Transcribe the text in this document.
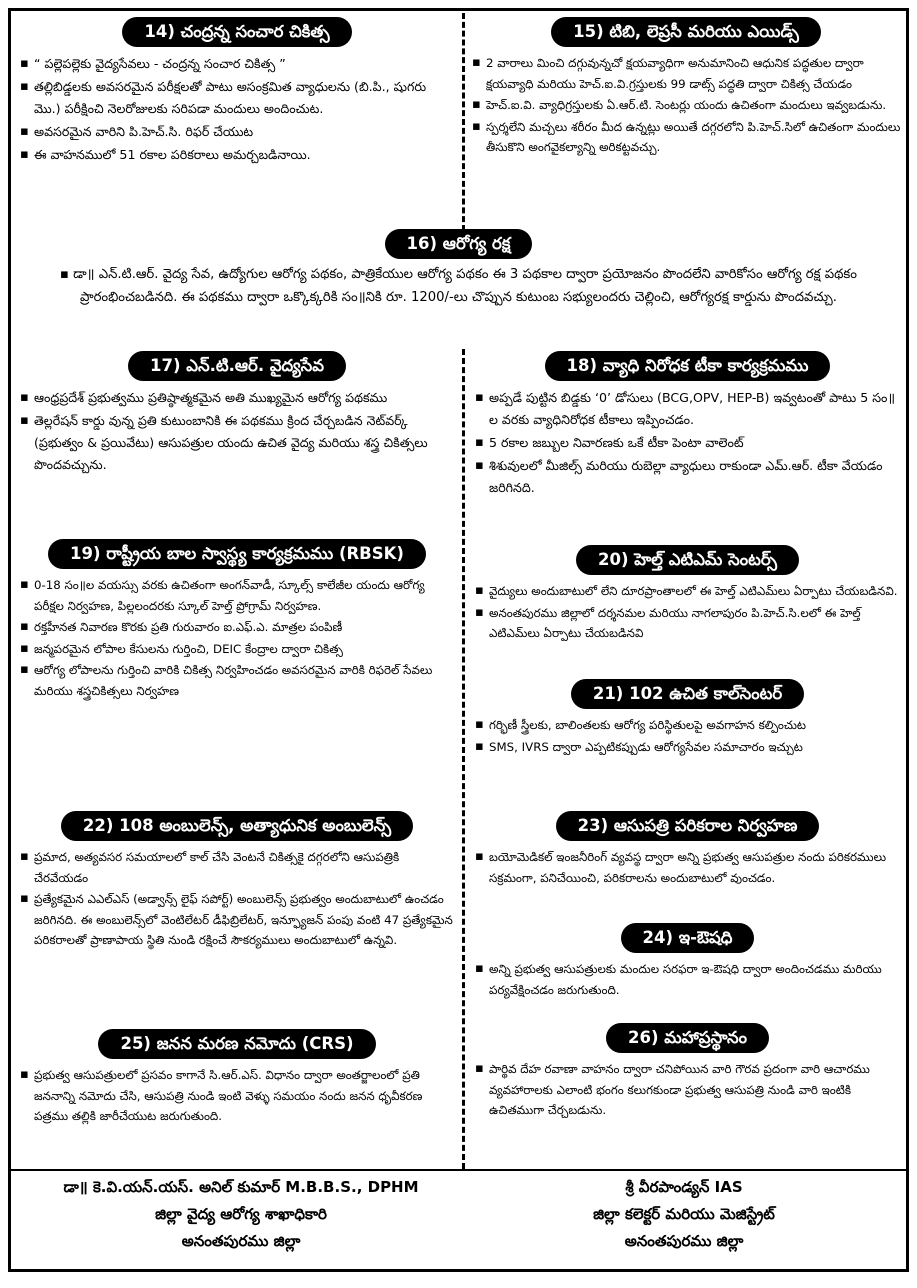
14) చంద్రన్న సంచార చికిత్స
▪ “ పల్లెపల్లెకు వైద్యసేవలు - చంద్రన్న సంచార చికిత్స ”
▪ తల్లిబిడ్డలకు అవసరమైన పరీక్షలతో పాటు అసంక్రమిత వ్యాధులను (బి.పి., షుగరు మొ.) పరీక్షించి నెలరోజులకు సరిపడా మందులు అందించుట.
▪ అవసరమైన వారిని పి.హెచ్.సి. రిఫర్ చేయుట
▪ ఈ వాహనములో 51 రకాల పరికరాలు అమర్చబడినాయి.
15) టిబి, లెప్రసీ మరియు ఎయిడ్స్
▪ 2 వారాలు మించి దగ్గువున్నచో క్షయవ్యాధిగా అనుమానించి ఆధునిక పద్ధతుల ద్వారా క్షయవ్యాధి మరియు హెచ్.ఐ.వి.గ్రస్తులకు 99 డాట్స్ పద్ధతి ద్వారా చికిత్స చేయడం
▪ హెచ్.ఐ.వి. వ్యాధిగ్రస్తులకు ఏ.ఆర్.టి. సెంటర్లు యందు ఉచితంగా మందులు ఇవ్వబడును.
▪ స్పర్శలేని మచ్చలు శరీరం మీద ఉన్నట్లు అయితే దగ్గరలోని పి.హెచ్.సిలో ఉచితంగా మందులు తీసుకొని అంగవైకల్యాన్ని అరికట్టవచ్చు.
16) ఆరోగ్య రక్ష
▪ డా॥ ఎన్.టి.ఆర్. వైద్య సేవ, ఉద్యోగుల ఆరోగ్య పథకం, పాత్రికేయుల ఆరోగ్య పథకం ఈ 3 పథకాల ద్వారా ప్రయోజనం పొందలేని వారికోసం ఆరోగ్య రక్ష పథకం ప్రారంభించబడినది. ఈ పథకము ద్వారా ఒక్కొక్కరికి సం॥నికి రూ. 1200/-లు చొప్పున కుటుంబ సభ్యులందరు చెల్లించి, ఆరోగ్యరక్ష కార్డును పొందవచ్చు.
17) ఎన్.టి.ఆర్. వైద్యసేవ
▪ ఆంధ్రప్రదేశ్ ప్రభుత్వము ప్రతిష్ఠాత్మకమైన అతి ముఖ్యమైన ఆరోగ్య పథకము
▪ తెల్లరేషన్ కార్డు వున్న ప్రతి కుటుంబానికి ఈ పథకము క్రింద చేర్చబడిన నెట్‌వర్క్ (ప్రభుత్వం & ప్రయివేటు) ఆసుపత్రుల యందు ఉచిత వైద్య మరియు శస్త్ర చికిత్సలు పొందవచ్చును.
18) వ్యాధి నిరోధక టీకా కార్యక్రమము
▪ అప్పడే పుట్టిన బిడ్డకు ‘0’ డోసులు (BCG,OPV, HEP-B) ఇవ్వటంతో పాటు 5 సం॥ల వరకు వ్యాధినిరోధక టీకాలు ఇప్పించడం.
▪ 5 రకాల జబ్బుల నివారణకు ఒకే టీకా పెంటా వాలెంట్
▪ శిశువులలో మీజిల్స్ మరియు రుబెల్లా వ్యాధులు రాకుండా ఎమ్.ఆర్. టీకా వేయడం జరిగినది.
19) రాష్ట్రీయ బాల స్వాస్థ్య కార్యక్రమము (RBSK)
▪ 0-18 సం॥ల వయస్సు వరకు ఉచితంగా అంగన్‌వాడీ, స్కూల్స్ కాలేజీల యందు ఆరోగ్య పరీక్షల నిర్వహణ, పిల్లలందరకు స్కూల్ హెల్త్ ప్రోగ్రామ్ నిర్వహణ.
▪ రక్తహీనత నివారణ కొరకు ప్రతి గురువారం ఐ.ఎఫ్.ఎ. మాత్రల పంపిణీ
▪ జన్మపరమైన లోపాల కేసులను గుర్తించి, DEIC కేంద్రాల ద్వారా చికిత్స
▪ ఆరోగ్య లోపాలను గుర్తించి వారికి చికిత్స నిర్వహించడం అవసరమైన వారికి రిఫరెల్ సేవలు మరియు శస్త్రచికిత్సలు నిర్వహణ
20) హెల్త్ ఎటిఎమ్ సెంటర్స్
▪ వైద్యులు అందుబాటులో లేని దూరప్రాంతాలలో ఈ హెల్త్ ఎటిఎమ్‌లు ఏర్పాటు చేయబడినవి.
▪ అనంతపురము జిల్లాలో దర్శనమల మరియు నాగలాపురం పి.హెచ్.సి.లలో ఈ హెల్త్ ఎటిఎమ్‌లు ఏర్పాటు చేయబడినవి
21) 102 ఉచిత కాల్‌సెంటర్
▪ గర్భిణీ స్త్రీలకు, బాలింతలకు ఆరోగ్య పరిస్థితులపై అవగాహన కల్పించుట
▪ SMS, IVRS ద్వారా ఎప్పటికప్పుడు ఆరోగ్యసేవల సమాచారం ఇచ్చుట
22) 108 అంబులెన్స్, అత్యాధునిక అంబులెన్స్
▪ ప్రమాద, అత్యవసర సమయాలలో కాల్ చేసి వెంటనే చికిత్సకై దగ్గరలోని ఆసుపత్రికి చేరవేయడం
▪ ప్రత్యేకమైన ఎఎల్ఎస్ (అడ్వాన్స్ లైఫ్ సపోర్ట్) అంబులెన్స్ ప్రభుత్వం అందుబాటులో ఉంచడం జరిగినది. ఈ అంబులెన్స్‌లో వెంటిలేటర్ డీఫిబ్రిలేటర్, ఇన్ఫ్యూజన్ పంపు వంటి 47 ప్రత్యేకమైన పరికరాలతో ప్రాణాపాయ స్థితి నుండి రక్షించే సౌకర్యములు అందుబాటులో ఉన్నవి.
23) ఆసుపత్రి పరికరాల నిర్వహణ
▪ బయోమెడికల్ ఇంజనీరింగ్ వ్యవస్థ ద్వారా అన్ని ప్రభుత్వ ఆసుపత్రుల నందు పరికరములు సక్రమంగా, పనిచేయించి, పరికరాలను అందుబాటులో వుంచడం.
24) ఇ-ఔషధి
▪ అన్ని ప్రభుత్వ ఆసుపత్రులకు మందుల సరఫరా ఇ-ఔషధి ద్వారా అందించడము మరియు పర్యవేక్షించడం జరుగుతుంది.
25) జనన మరణ నమోదు (CRS)
▪ ప్రభుత్వ ఆసుపత్రులలో ప్రసవం కాగానే సి.ఆర్.ఎస్. విధానం ద్వారా అంతర్జాలంలో ప్రతి జననాన్ని నమోదు చేసి, ఆసుపత్రి నుండి ఇంటి వెళ్ళు సమయం నందు జనన ధృవీకరణ పత్రము తల్లికి జారీచేయుట జరుగుతుంది.
26) మహాప్రస్థానం
▪ పార్థివ దేహ రవాణా వాహనం ద్వారా చనిపోయిన వారి గౌరవ ప్రదంగా వారి ఆచారము వ్యవహారాలకు ఎలాంటి భంగం కలుగకుండా ప్రభుత్వ ఆసుపత్రి నుండి వారి ఇంటికి ఉచితముగా చేర్చబడును.
డా॥ కె.వి.యన్.యస్. అనిల్ కుమార్ M.B.B.S., DPHM
జిల్లా వైద్య ఆరోగ్య శాఖాధికారి
అనంతపురము జిల్లా
శ్రీ వీరపాండ్యన్ IAS
జిల్లా కలెక్టర్ మరియు మెజిస్ట్రేట్
అనంతపురము జిల్లా
